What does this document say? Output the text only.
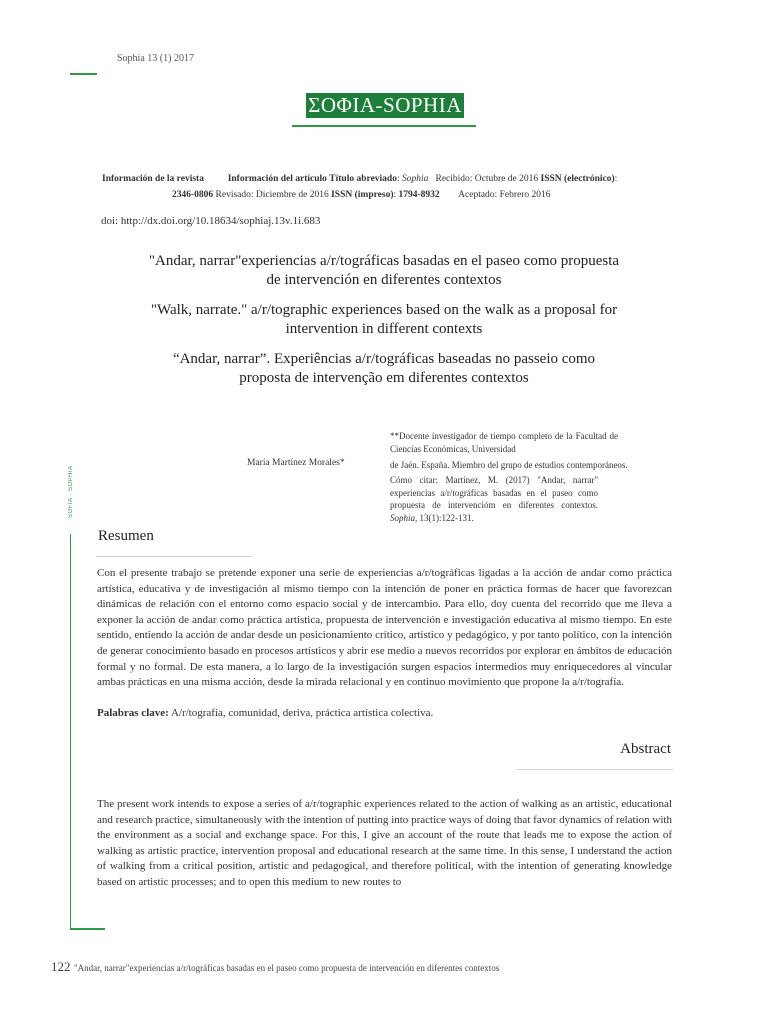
Sophia 13 (1) 2017
ΣΟΦΙΑ-SOPHIA
Información de la revista	Información del artículo Título abreviado: Sophia Recibido: Octubre de 2016 ISSN (electrónico):
2346-0806 Revisado: Diciembre de 2016 ISSN (impreso): 1794-8932 Aceptado: Febrero 2016
doi: http://dx.doi.org/10.18634/sophiaj.13v.1i.683
"Andar, narrar"experiencias a/r/tográficas basadas en el paseo como propuesta
de intervención en diferentes contextos
"Walk, narrate." a/r/tographic experiences based on the walk as a proposal for
intervention in different contexts
“Andar, narrar”. Experiências a/r/tográficas baseadas no passeio como
proposta de intervenção em diferentes contextos
**Docente investigador de tiempo completo de la Facultad de Ciencias Económicas, Universidad
María Martínez Morales*	de Jaén. España. Miembro del grupo de estudios contemporáneos.
Cómo citar: Martínez, M. (2017) "Andar, narrar" experiencias a/r/tográficas basadas en el paseo como propuesta de intervencióm en diferentes contextos. Sophia, 13(1):122-131.
SOFIA · SOPHIA
Resumen
Con el presente trabajo se pretende exponer una serie de experiencias a/r/tográficas ligadas a la acción de andar como práctica artística, educativa y de investigación al mismo tiempo con la intención de poner en práctica formas de hacer que favorezcan dinámicas de relación con el entorno como espacio social y de intercambio. Para ello, doy cuenta del recorrido que me lleva a exponer la acción de andar como práctica artística, propuesta de intervención e investigación educativa al mismo tiempo. En este sentido, entiendo la acción de andar desde un posicionamiento crítico, artístico y pedagógico, y por tanto político, con la intención de generar conocimiento basado en procesos artísticos y abrir ese medio a nuevos recorridos por explorar en ámbitos de educación formal y no formal. De esta manera, a lo largo de la investigación surgen espacios intermedios muy enriquecedores al vincular ambas prácticas en una misma acción, desde la mirada relacional y en continuo movimiento que propone la a/r/tografía.
Palabras clave: A/r/tografía, comunidad, deriva, práctica artística colectiva.
Abstract
The present work intends to expose a series of a/r/tographic experiences related to the action of walking as an artistic, educational and research practice, simultaneously with the intention of putting into practice ways of doing that favor dynamics of relation with the environment as a social and exchange space. For this, I give an account of the route that leads me to expose the action of walking as artistic practice, intervention proposal and educational research at the same time. In this sense, I understand the action of walking from a critical position, artistic and pedagogical, and therefore political, with the intention of generating knowledge based on artistic processes; and to open this medium to new routes to
122 "Andar, narrar"experiencias a/r/tográficas basadas en el paseo como propuesta de intervención en diferentes contextos
